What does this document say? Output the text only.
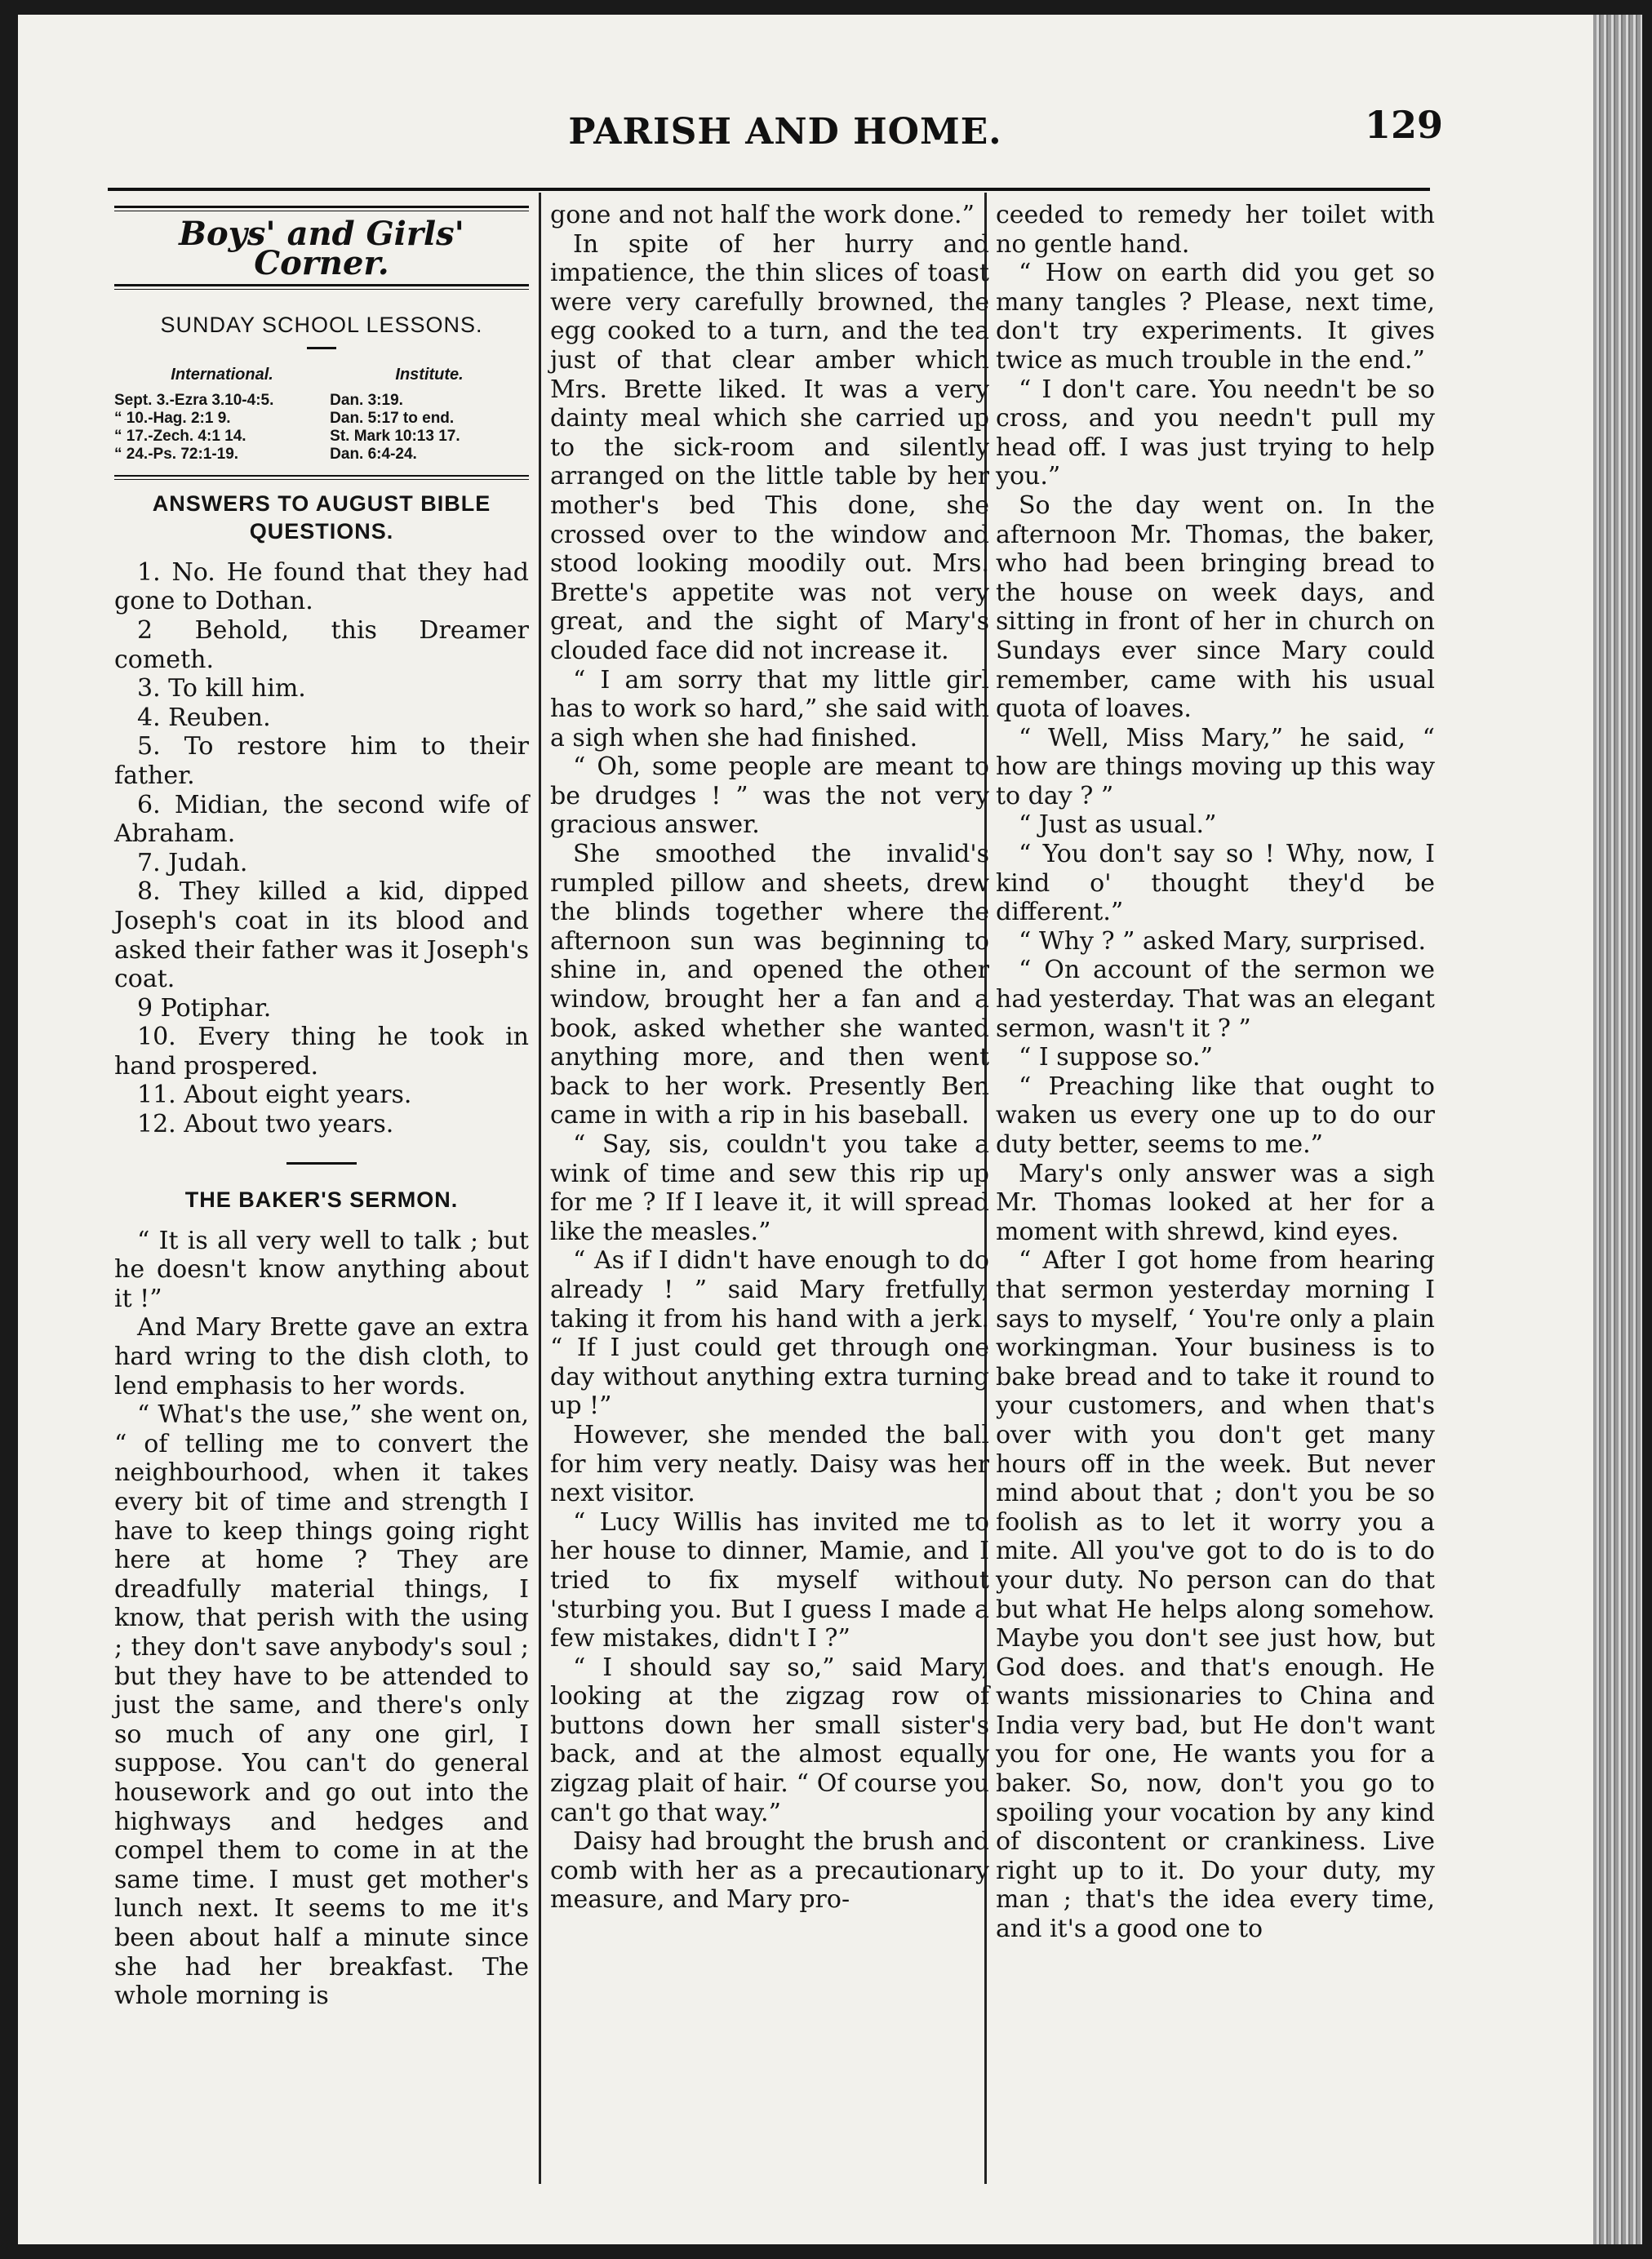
PARISH AND HOME.	129
Boys' and Girls' Corner.
SUNDAY SCHOOL LESSONS.
International.	Institute.
Sept. 3.-Ezra 3.10-4:5.	Dan. 3:19.
“ 10.-Hag. 2:1 9.	Dan. 5:17 to end.
“ 17.-Zech. 4:1 14.	St. Mark 10:13 17.
“ 24.-Ps. 72:1-19.	Dan. 6:4-24.
ANSWERS TO AUGUST BIBLE
QUESTIONS.

1. No. He found that they had gone to Dothan.

2 Behold, this Dreamer cometh.

3. To kill him.

4. Reuben.

5. To restore him to their father.

6. Midian, the second wife of Abraham.

7. Judah.

8. They killed a kid, dipped Joseph's coat in its blood and asked their father was it Joseph's coat.

9 Potiphar.

10. Every thing he took in hand prospered.

11. About eight years.

12. About two years.

THE BAKER'S SERMON.

“ It is all very well to talk ; but he doesn't know anything about it !”

And Mary Brette gave an extra hard wring to the dish cloth, to lend emphasis to her words.

“ What's the use,” she went on, “ of telling me to convert the neighbourhood, when it takes every bit of time and strength I have to keep things going right here at home ? They are dreadfully material things, I know, that perish with the using ; they don't save anybody's soul ; but they have to be attended to just the same, and there's only so much of any one girl, I suppose. You can't do general housework and go out into the highways and hedges and compel them to come in at the same time. I must get mother's lunch next. It seems to me it's been about half a minute since she had her breakfast. The whole morning is

gone and not half the work done.”

In spite of her hurry and impatience, the thin slices of toast were very carefully browned, the egg cooked to a turn, and the tea just of that clear amber which Mrs. Brette liked. It was a very dainty meal which she carried up to the sick-room and silently arranged on the little table by her mother's bed This done, she crossed over to the window and stood looking moodily out. Mrs. Brette's appetite was not very great, and the sight of Mary's clouded face did not increase it.

“ I am sorry that my little girl has to work so hard,” she said with a sigh when she had finished.

“ Oh, some people are meant to be drudges ! ” was the not very gracious answer.

She smoothed the invalid's rumpled pillow and sheets, drew the blinds together where the afternoon sun was beginning to shine in, and opened the other window, brought her a fan and a book, asked whether she wanted anything more, and then went back to her work. Presently Ben came in with a rip in his baseball.

“ Say, sis, couldn't you take a wink of time and sew this rip up for me ? If I leave it, it will spread like the measles.”

“ As if I didn't have enough to do already ! ” said Mary fretfully, taking it from his hand with a jerk. “ If I just could get through one day without anything extra turning up !”

However, she mended the ball for him very neatly. Daisy was her next visitor.

“ Lucy Willis has invited me to her house to dinner, Mamie, and I tried to fix myself without 'sturbing you. But I guess I made a few mistakes, didn't I ?”

“ I should say so,” said Mary, looking at the zigzag row of buttons down her small sister's back, and at the almost equally zigzag plait of hair. “ Of course you can't go that way.”

Daisy had brought the brush and comb with her as a precautionary measure, and Mary pro-

ceeded to remedy her toilet with no gentle hand.

“ How on earth did you get so many tangles ? Please, next time, don't try experiments. It gives twice as much trouble in the end.”

“ I don't care. You needn't be so cross, and you needn't pull my head off. I was just trying to help you.”

So the day went on. In the afternoon Mr. Thomas, the baker, who had been bringing bread to the house on week days, and sitting in front of her in church on Sundays ever since Mary could remember, came with his usual quota of loaves.

“ Well, Miss Mary,” he said, “ how are things moving up this way to day ? ”

“ Just as usual.”

“ You don't say so ! Why, now, I kind o' thought they'd be different.”

“ Why ? ” asked Mary, surprised.

“ On account of the sermon we had yesterday. That was an elegant sermon, wasn't it ? ”

“ I suppose so.”

“ Preaching like that ought to waken us every one up to do our duty better, seems to me.”

Mary's only answer was a sigh Mr. Thomas looked at her for a moment with shrewd, kind eyes.

“ After I got home from hearing that sermon yesterday morning I says to myself, ‘ You're only a plain workingman. Your business is to bake bread and to take it round to your customers, and when that's over with you don't get many hours off in the week. But never mind about that ; don't you be so foolish as to let it worry you a mite. All you've got to do is to do your duty. No person can do that but what He helps along somehow. Maybe you don't see just how, but God does. and that's enough. He wants missionaries to China and India very bad, but He don't want you for one, He wants you for a baker. So, now, don't you go to spoiling your vocation by any kind of discontent or crankiness. Live right up to it. Do your duty, my man ; that's the idea every time, and it's a good one to
